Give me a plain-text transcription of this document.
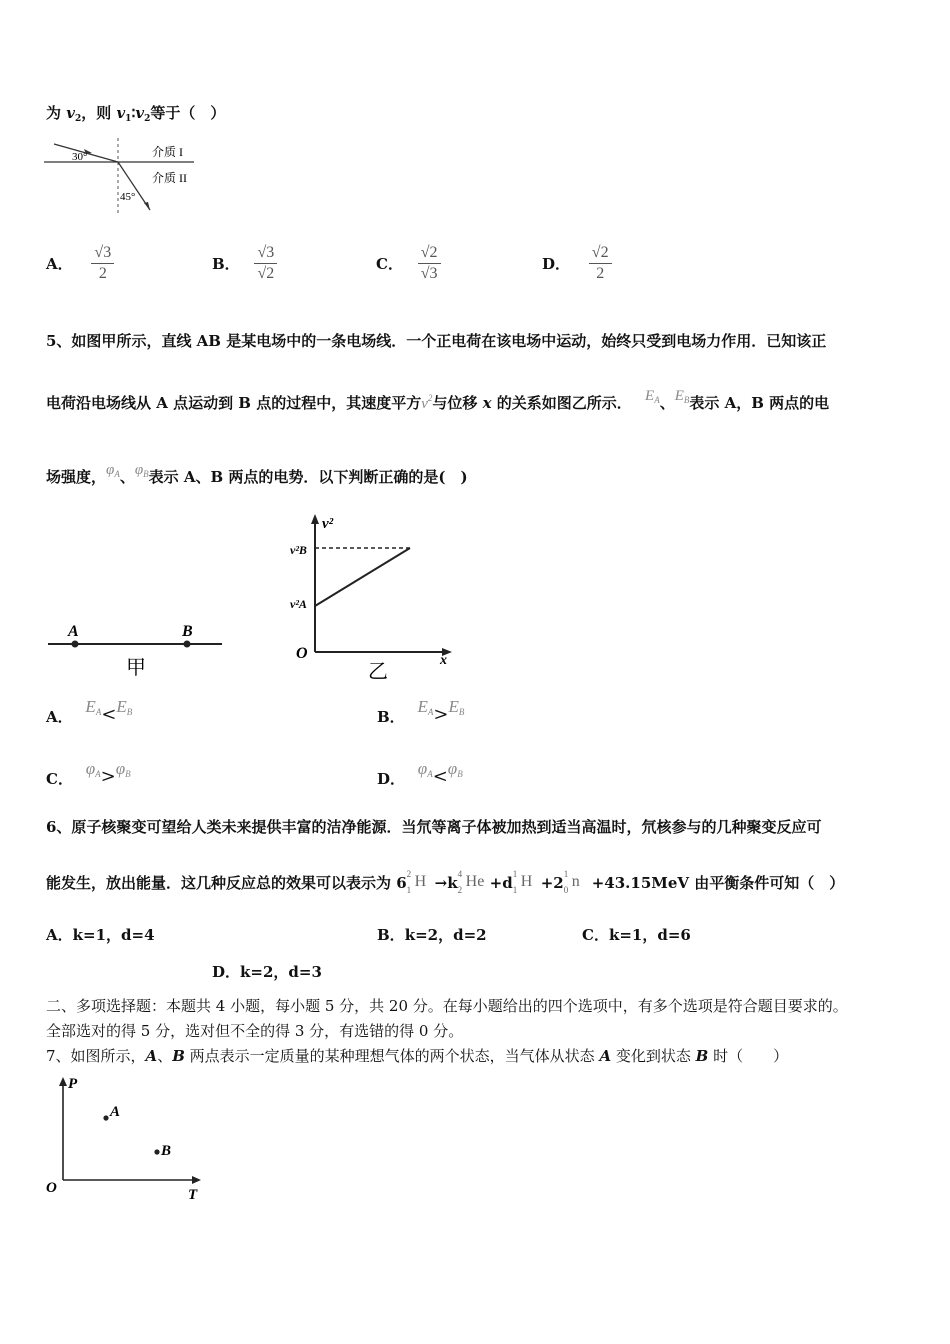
为 $v_2$，则 $v_1∶v_2$等于（　）
30°
45°
介质 I
介质 II
A． $\frac{√3}{2}$	B． $\frac{√3}{√2}$	C． $\frac{√2}{√3}$	D． $\frac{√2}{2}$
5、如图甲所示，直线 AB 是某电场中的一条电场线．一个正电荷在该电场中运动，始终只受到电场力作用．已知该正
电荷沿电场线从 A 点运动到 B 点的过程中，其速度平方$v^2$与位移 x 的关系如图乙所示． $E_A$、$E_B$表示 A，B 两点的电
场强度，$\varphi_A$、$\varphi_B$表示 A、B 两点的电势．以下判断正确的是(　)
A	B
甲
v²
v²B
v²A
O	x
乙
A． $E_A<E_B$	B． $E_A>E_B$
C． $\varphi_A>\varphi_B$	D． $\varphi_A<\varphi_B$
6、原子核聚变可望给人类未来提供丰富的洁净能源．当氘等离子体被加热到适当高温时，氘核参与的几种聚变反应可
能发生，放出能量．这几种反应总的效果可以表示为 6 2
1 H →k 4
2 He +d 1
1 H +2 1
0 n +43.15MeV 由平衡条件可知（　）
A．k=1，d=4	B．k=2，d=2	C．k=1，d=6
D．k=2，d=3
二、多项选择题：本题共 4 小题，每小题 5 分，共 20 分。在每小题给出的四个选项中，有多个选项是符合题目要求的。
全部选对的得 5 分，选对但不全的得 3 分，有选错的得 0 分。
7、如图所示，A、B 两点表示一定质量的某种理想气体的两个状态，当气体从状态 A 变化到状态 B 时（　　）
P
A
B
O	T
